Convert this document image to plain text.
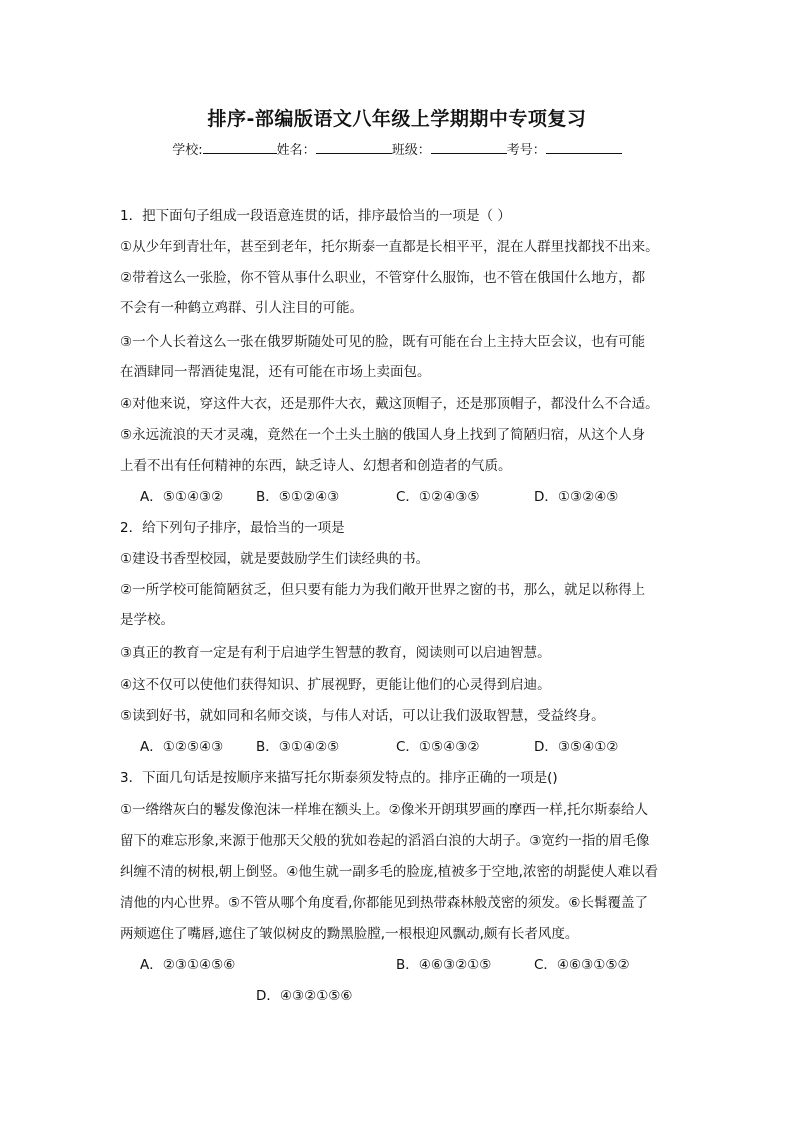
排序-部编版语文八年级上学期期中专项复习
学校:	姓名：	班级：	考号：
1．把下面句子组成一段语意连贯的话，排序最恰当的一项是（ ）
①从少年到青壮年，甚至到老年，托尔斯泰一直都是长相平平，混在人群里找都找不出来。
②带着这么一张脸，你不管从事什么职业，不管穿什么服饰，也不管在俄国什么地方，都
不会有一种鹤立鸡群、引人注目的可能。
③一个人长着这么一张在俄罗斯随处可见的脸，既有可能在台上主持大臣会议，也有可能
在酒肆同一帮酒徒鬼混，还有可能在市场上卖面包。
④对他来说，穿这件大衣，还是那件大衣，戴这顶帽子，还是那顶帽子，都没什么不合适。
⑤永远流浪的天才灵魂，竟然在一个土头土脑的俄国人身上找到了简陋归宿，从这个人身
上看不出有任何精神的东西，缺乏诗人、幻想者和创造者的气质。
A．⑤①④③② B．⑤①②④③	C．①②④③⑤	D．①③②④⑤
2．给下列句子排序，最恰当的一项是
①建设书香型校园，就是要鼓励学生们读经典的书。
②一所学校可能简陋贫乏，但只要有能力为我们敞开世界之窗的书，那么，就足以称得上
是学校。
③真正的教育一定是有利于启迪学生智慧的教育，阅读则可以启迪智慧。
④这不仅可以使他们获得知识、扩展视野，更能让他们的心灵得到启迪。
⑤读到好书，就如同和名师交谈，与伟人对话，可以让我们汲取智慧，受益终身。
A．①②⑤④③ B．③①④②⑤	C．①⑤④③②	D．③⑤④①②
3．下面几句话是按顺序来描写托尔斯泰须发特点的。排序正确的一项是()
①一绺绺灰白的鬈发像泡沫一样堆在额头上。②像米开朗琪罗画的摩西一样,托尔斯泰给人
留下的难忘形象,来源于他那天父般的犹如卷起的滔滔白浪的大胡子。③宽约一指的眉毛像
纠缠不清的树根,朝上倒竖。④他生就一副多毛的脸庞,植被多于空地,浓密的胡髭使人难以看
清他的内心世界。⑤不管从哪个角度看,你都能见到热带森林般茂密的须发。⑥长髯覆盖了
两颊遮住了嘴唇,遮住了皱似树皮的黝黑脸膛,一根根迎风飘动,颇有长者风度。
A．②③①④⑤⑥	B．④⑥③②①⑤	C．④⑥③①⑤②
D．④③②①⑤⑥
